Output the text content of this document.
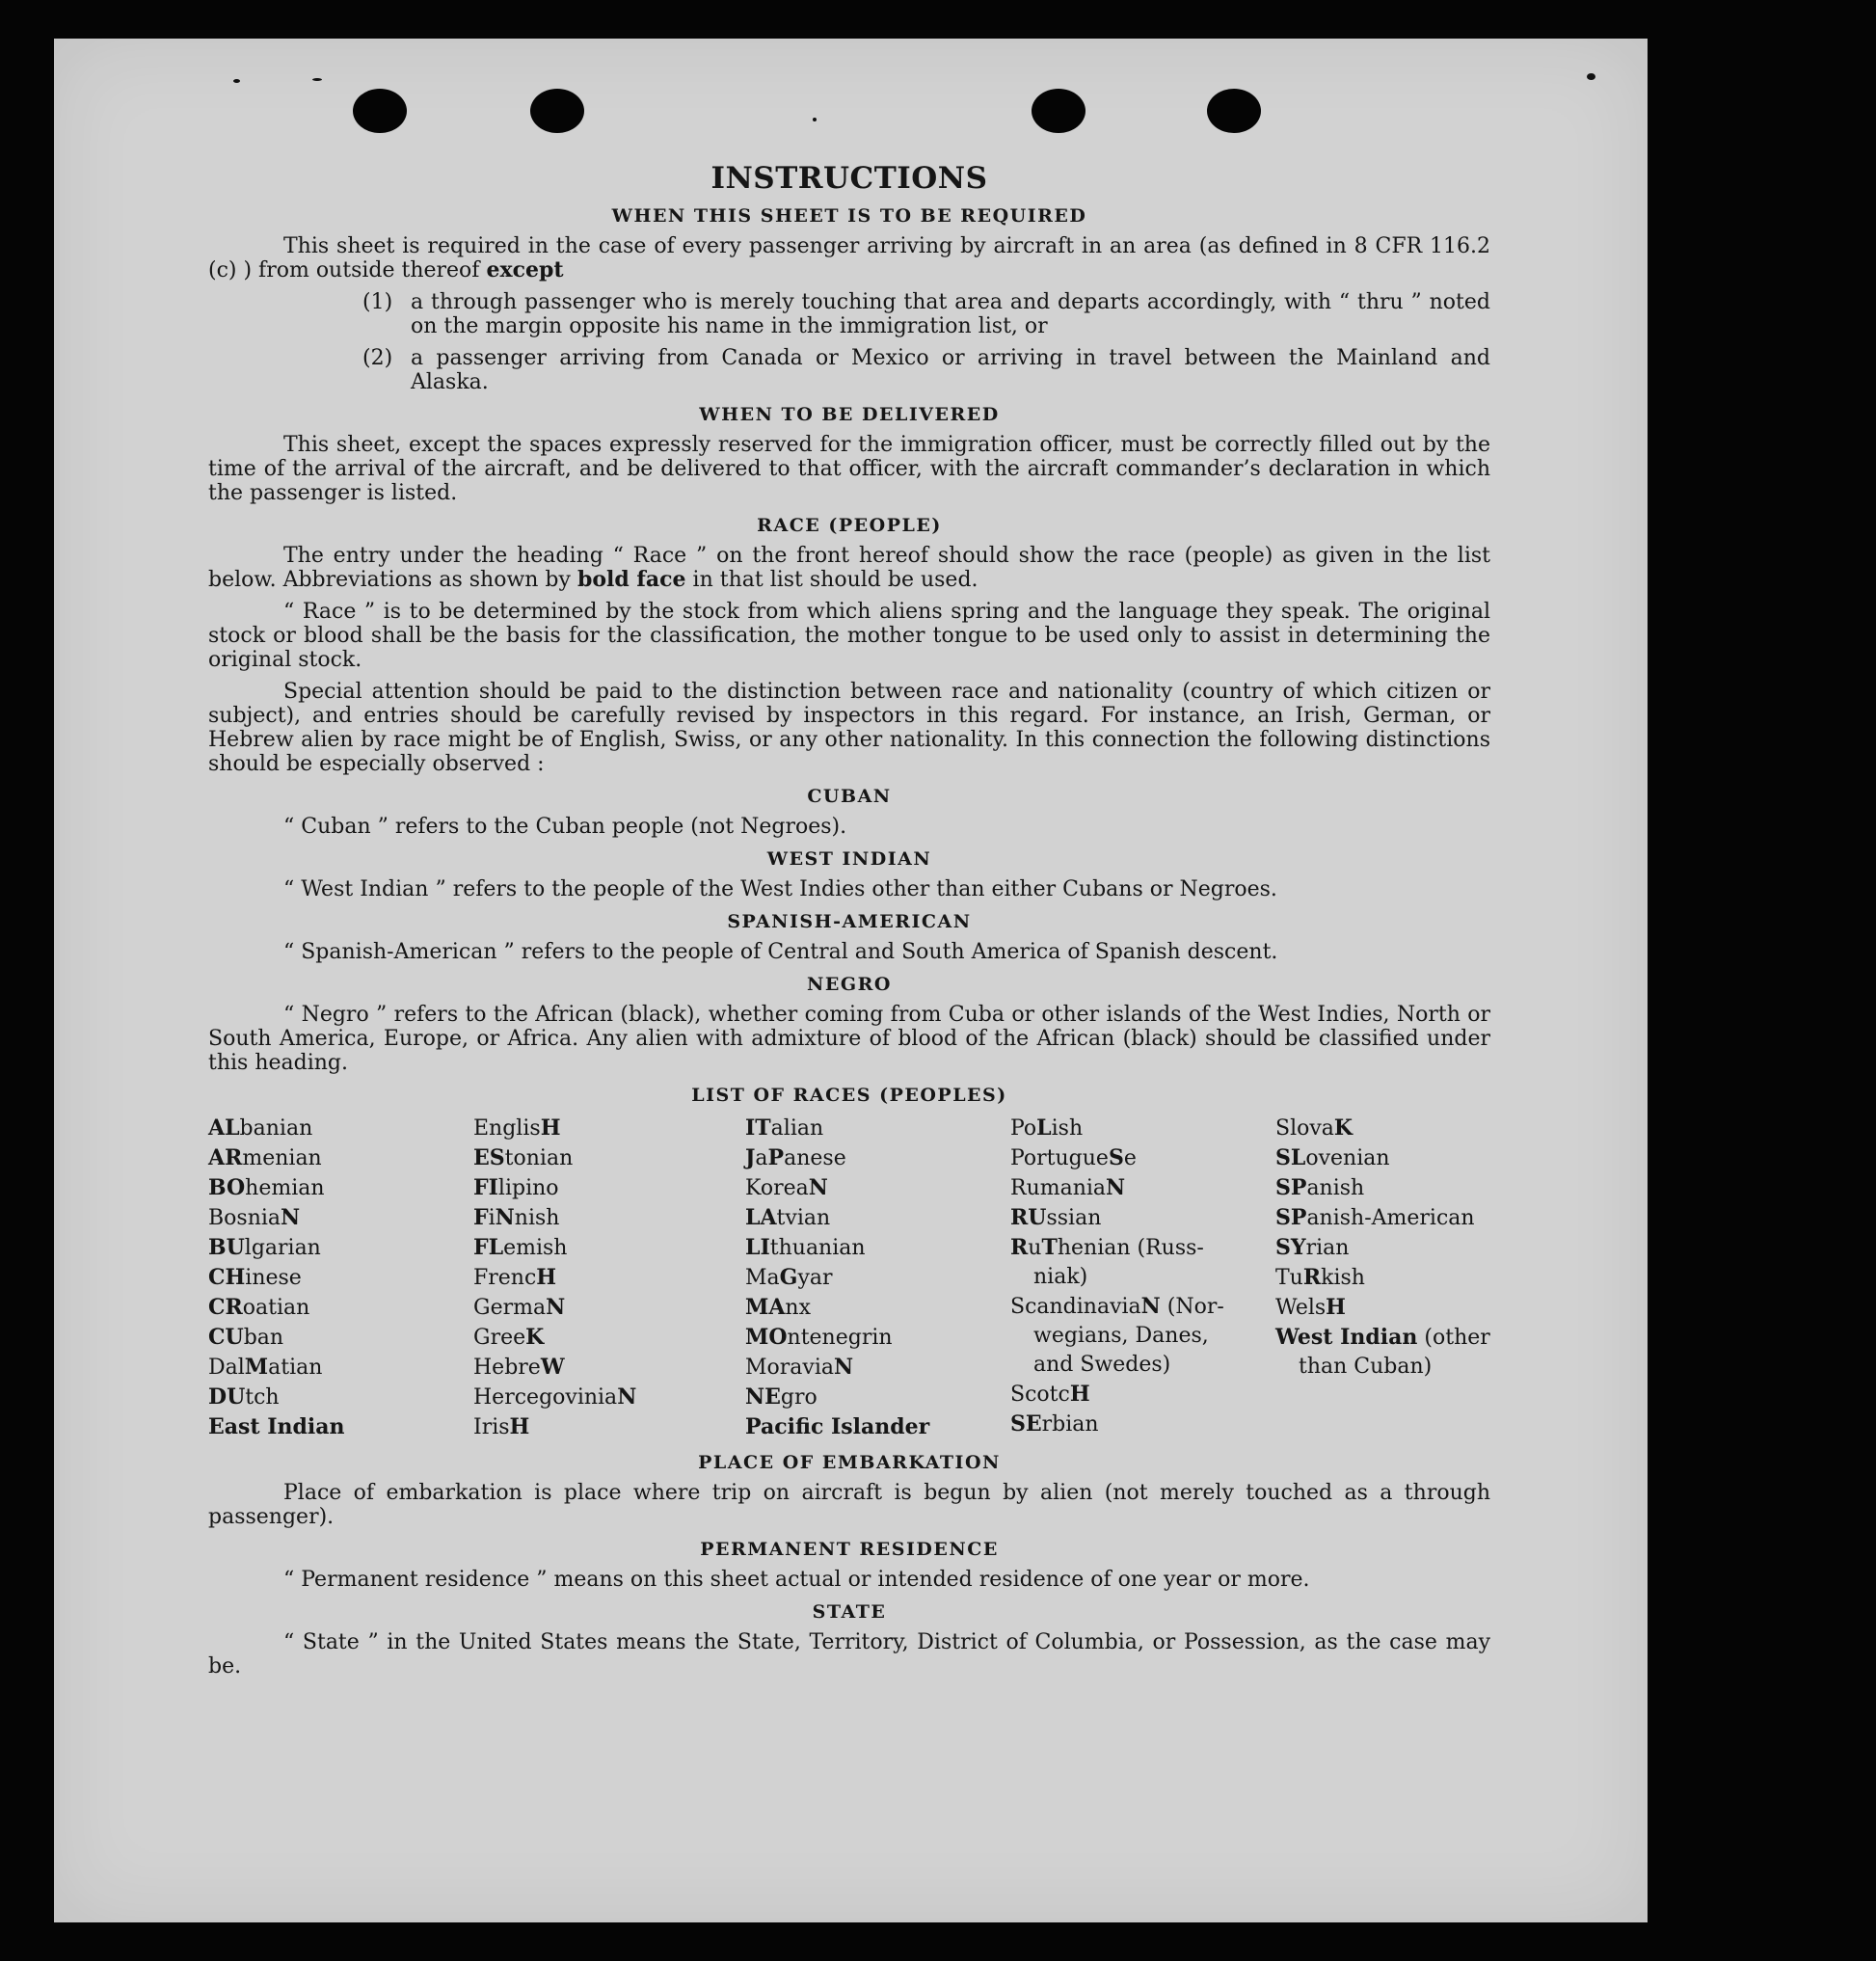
INSTRUCTIONS
WHEN THIS SHEET IS TO BE REQUIRED

This sheet is required in the case of every passenger arriving by aircraft in an area (as defined in 8 CFR 116.2 (c) ) from outside thereof except

(1) a through passenger who is merely touching that area and departs accordingly, with “ thru ” noted on the margin opposite his name in the immigration list, or
(2) a passenger arriving from Canada or Mexico or arriving in travel between the Mainland and Alaska.
WHEN TO BE DELIVERED

This sheet, except the spaces expressly reserved for the immigration officer, must be correctly filled out by the time of the arrival of the aircraft, and be delivered to that officer, with the aircraft commander’s declaration in which the passenger is listed.

RACE (PEOPLE)

The entry under the heading “ Race ” on the front hereof should show the race (people) as given in the list below. Abbreviations as shown by bold face in that list should be used.

“ Race ” is to be determined by the stock from which aliens spring and the language they speak. The original stock or blood shall be the basis for the classification, the mother tongue to be used only to assist in determining the original stock.

Special attention should be paid to the distinction between race and nationality (country of which citizen or subject), and entries should be carefully revised by inspectors in this regard. For instance, an Irish, German, or Hebrew alien by race might be of English, Swiss, or any other nationality. In this connection the following distinctions should be especially observed :

CUBAN
“ Cuban ” refers to the Cuban people (not Negroes).
WEST INDIAN
“ West Indian ” refers to the people of the West Indies other than either Cubans or Negroes.
SPANISH-AMERICAN
“ Spanish-American ” refers to the people of Central and South America of Spanish descent.
NEGRO

“ Negro ” refers to the African (black), whether coming from Cuba or other islands of the West Indies, North or South America, Europe, or Africa. Any alien with admixture of blood of the African (black) should be classified under this heading.

LIST OF RACES (PEOPLES)
ALbanian
ARmenian
BOhemian
BosniaN
BUlgarian
CHinese
CRoatian
CUban
DalMatian
DUtch
East Indian
EnglisH
EStonian
FIlipino
FiNnish
FLemish
FrencH
GermaN
GreeK
HebreW
HercegoviniaN
IrisH
ITalian
JaPanese
KoreaN
LAtvian
LIthuanian
MaGyar
MAnx
MOntenegrin
MoraviaN
NEgro
Pacific Islander
PoLish
PortugueSe
RumaniaN
RUssian
RuThenian (Russ-
niak)
ScandinaviaN (Nor-
wegians, Danes,
and Swedes)
ScotcH
SErbian
SlovaK
SLovenian
SPanish
SPanish-American
SYrian
TuRkish
WelsH
West Indian (other
than Cuban)
PLACE OF EMBARKATION

Place of embarkation is place where trip on aircraft is begun by alien (not merely touched as a through passenger).

PERMANENT RESIDENCE
“ Permanent residence ” means on this sheet actual or intended residence of one year or more.
STATE

“ State ” in the United States means the State, Territory, District of Columbia, or Possession, as the case may be.
